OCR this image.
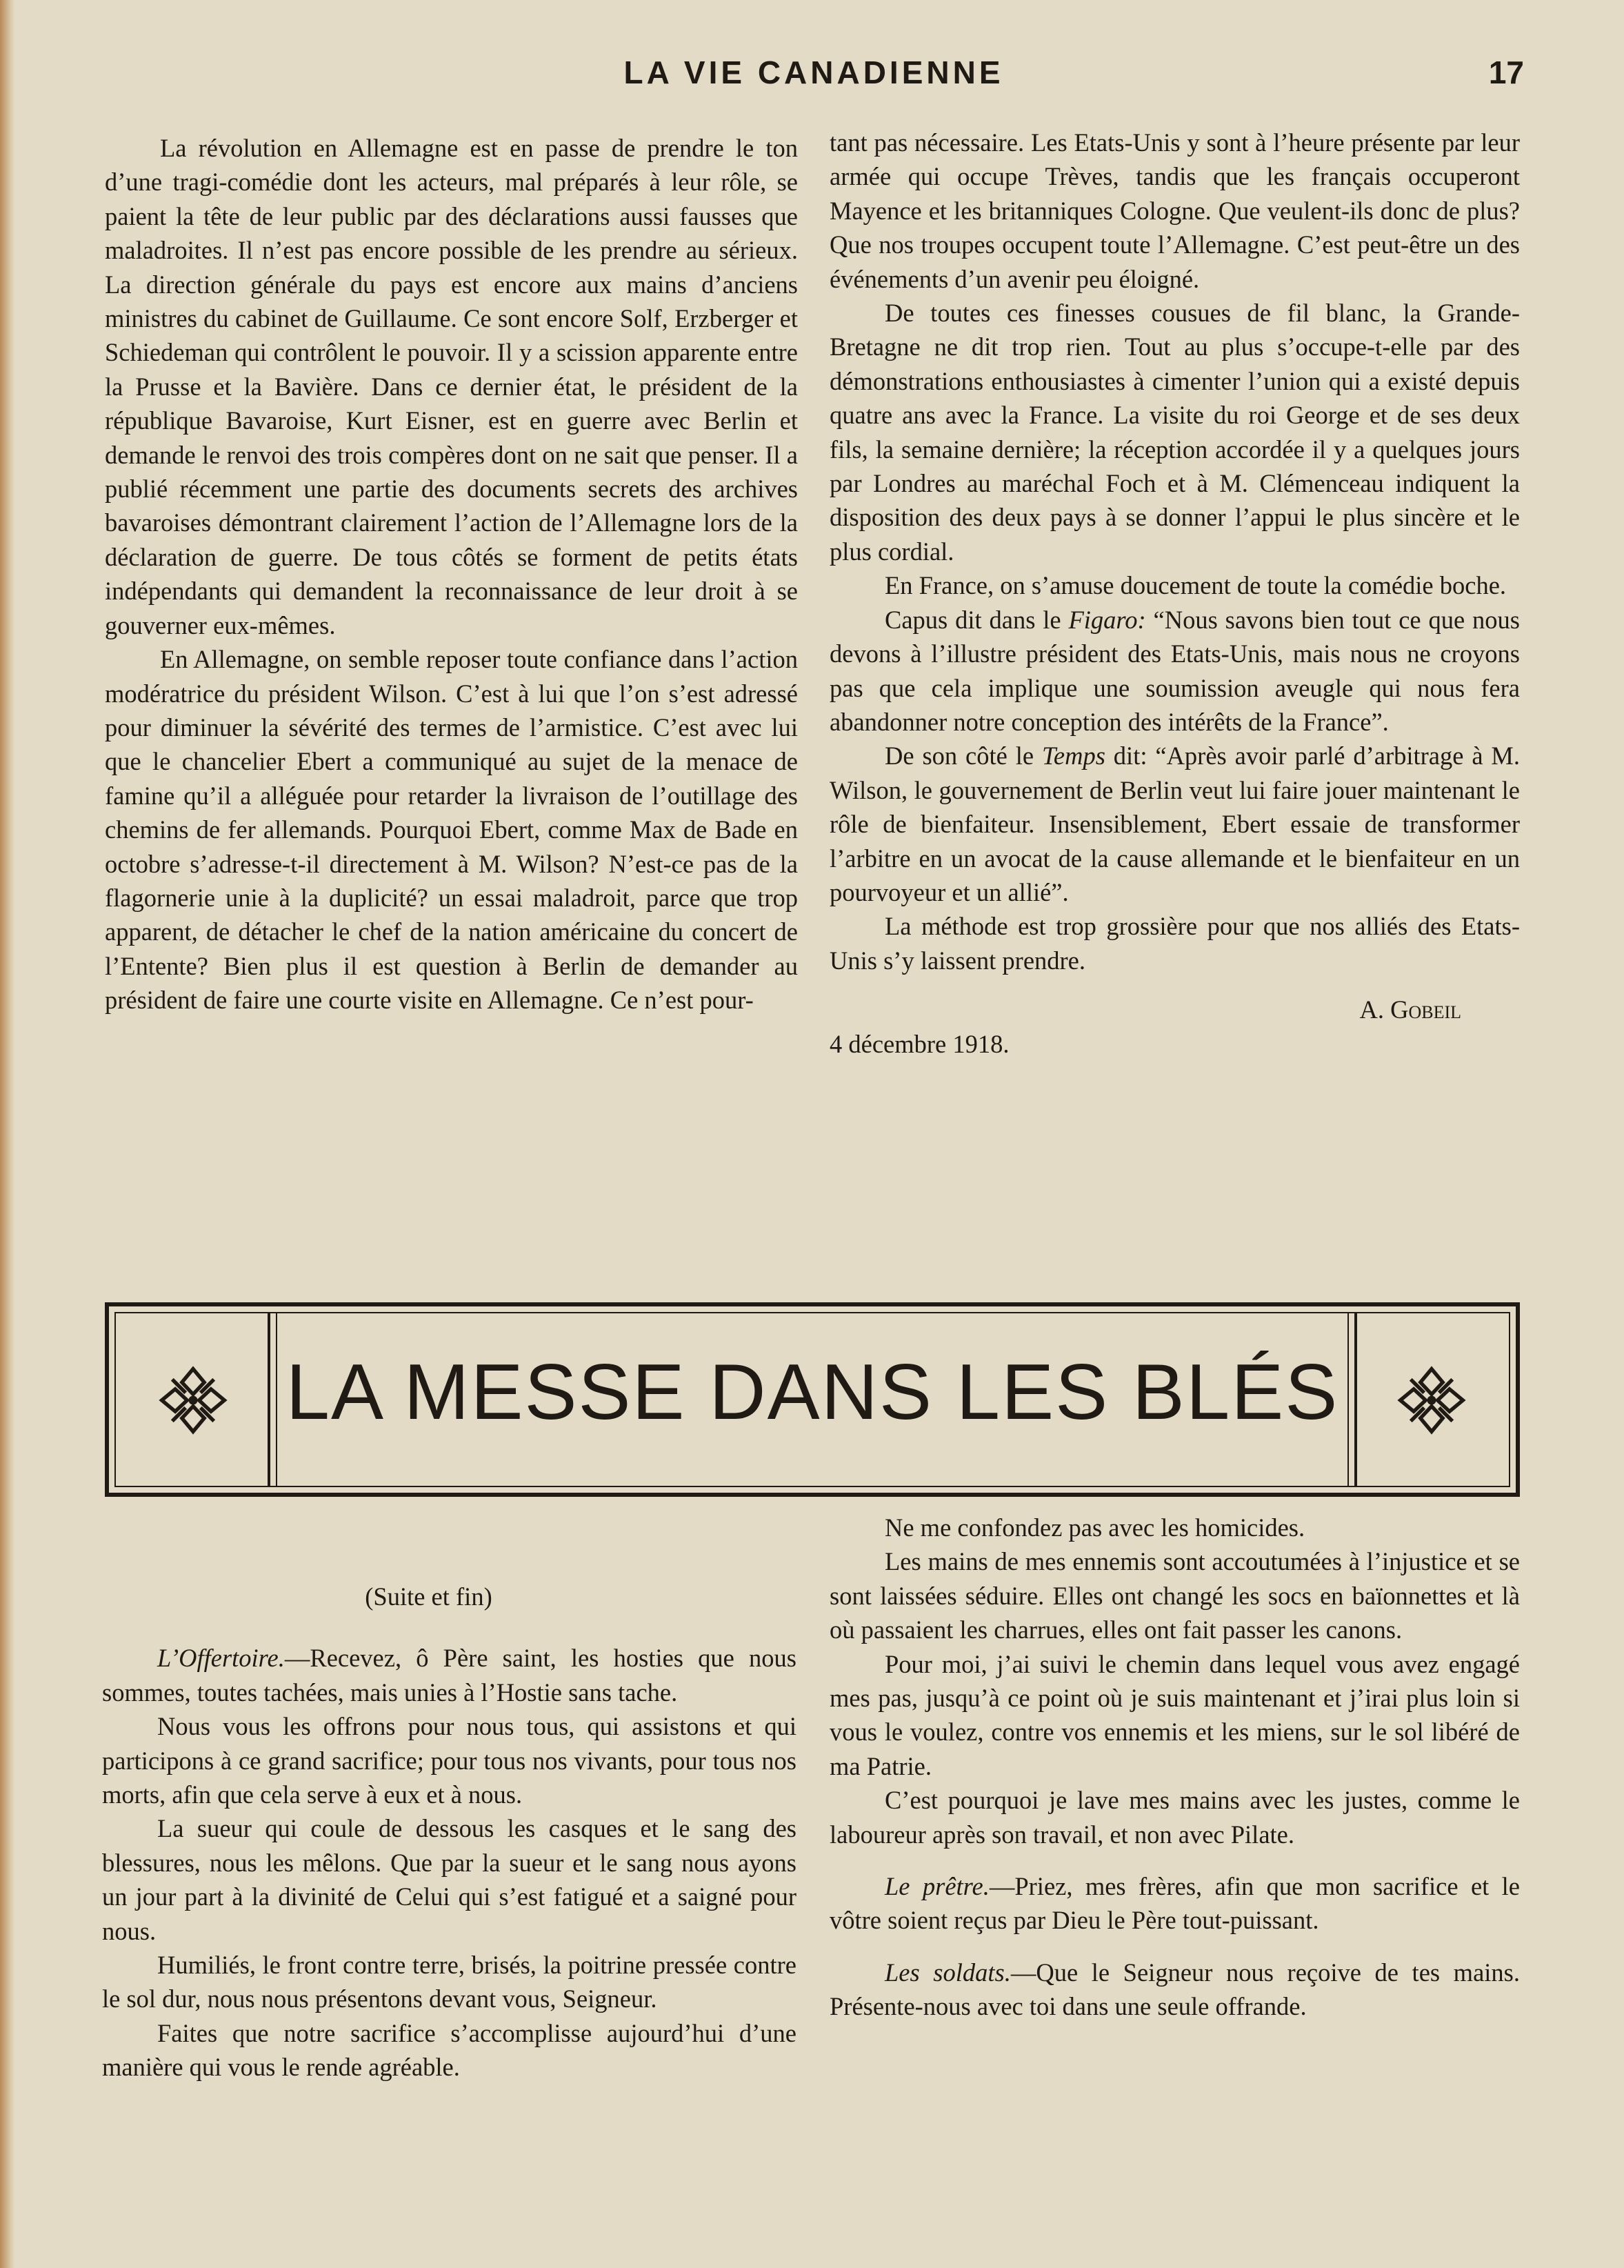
LA VIE CANADIENNE	17

La révolution en Allemagne est en passe de prendre le ton d’une tragi-comédie dont les acteurs, mal préparés à leur rôle, se paient la tête de leur public par des déclarations aussi fausses que maladroites. Il n’est pas encore possible de les prendre au sérieux. La direction générale du pays est encore aux mains d’anciens ministres du cabinet de Guillaume. Ce sont encore Solf, Erzberger et Schiedeman qui contrôlent le pouvoir. Il y a scission apparente entre la Prusse et la Bavière. Dans ce dernier état, le président de la république Bavaroise, Kurt Eisner, est en guerre avec Berlin et demande le renvoi des trois compères dont on ne sait que penser. Il a publié récemment une partie des documents secrets des archives bavaroises démontrant clairement l’action de l’Allemagne lors de la déclaration de guerre. De tous côtés se forment de petits états indépendants qui demandent la reconnaissance de leur droit à se gouverner eux-mêmes.

En Allemagne, on semble reposer toute confiance dans l’action modératrice du président Wilson. C’est à lui que l’on s’est adressé pour diminuer la sévérité des termes de l’armistice. C’est avec lui que le chancelier Ebert a communiqué au sujet de la menace de famine qu’il a alléguée pour retarder la livraison de l’outillage des chemins de fer allemands. Pourquoi Ebert, comme Max de Bade en octobre s’adresse-t-il directement à M. Wilson? N’est-ce pas de la flagornerie unie à la duplicité? un essai maladroit, parce que trop apparent, de détacher le chef de la nation américaine du concert de l’Entente? Bien plus il est question à Berlin de demander au président de faire une courte visite en Allemagne. Ce n’est pour-

tant pas nécessaire. Les Etats-Unis y sont à l’heure présente par leur armée qui occupe Trèves, tandis que les français occuperont Mayence et les britanniques Cologne. Que veulent-ils donc de plus? Que nos troupes occupent toute l’Allemagne. C’est peut-être un des événements d’un avenir peu éloigné.

De toutes ces finesses cousues de fil blanc, la Grande-Bretagne ne dit trop rien. Tout au plus s’occupe-t-elle par des démonstrations enthousiastes à cimenter l’union qui a existé depuis quatre ans avec la France. La visite du roi George et de ses deux fils, la semaine dernière; la réception accordée il y a quelques jours par Londres au maréchal Foch et à M. Clémenceau indiquent la disposition des deux pays à se donner l’appui le plus sincère et le plus cordial.

En France, on s’amuse doucement de toute la comédie boche.

Capus dit dans le Figaro: “Nous savons bien tout ce que nous devons à l’illustre président des Etats-Unis, mais nous ne croyons pas que cela implique une soumission aveugle qui nous fera abandonner notre conception des intérêts de la France”.

De son côté le Temps dit: “Après avoir parlé d’arbitrage à M. Wilson, le gouvernement de Berlin veut lui faire jouer maintenant le rôle de bienfaiteur. Insensiblement, Ebert essaie de transformer l’arbitre en un avocat de la cause allemande et le bienfaiteur en un pourvoyeur et un allié”.

La méthode est trop grossière pour que nos alliés des Etats-Unis s’y laissent prendre.

A. Gobeil
4 décembre 1918.
LA MESSE DANS LES BLÉS

(Suite et fin)

L’Offertoire.—Recevez, ô Père saint, les hosties que nous sommes, toutes tachées, mais unies à l’Hostie sans tache.

Nous vous les offrons pour nous tous, qui assistons et qui participons à ce grand sacrifice; pour tous nos vivants, pour tous nos morts, afin que cela serve à eux et à nous.

La sueur qui coule de dessous les casques et le sang des blessures, nous les mêlons. Que par la sueur et le sang nous ayons un jour part à la divinité de Celui qui s’est fatigué et a saigné pour nous.

Humiliés, le front contre terre, brisés, la poitrine pressée contre le sol dur, nous nous présentons devant vous, Seigneur.

Faites que notre sacrifice s’accomplisse aujourd’hui d’une manière qui vous le rende agréable.

Ne me confondez pas avec les homicides.

Les mains de mes ennemis sont accoutumées à l’injustice et se sont laissées séduire. Elles ont changé les socs en baïonnettes et là où passaient les charrues, elles ont fait passer les canons.

Pour moi, j’ai suivi le chemin dans lequel vous avez engagé mes pas, jusqu’à ce point où je suis maintenant et j’irai plus loin si vous le voulez, contre vos ennemis et les miens, sur le sol libéré de ma Patrie.

C’est pourquoi je lave mes mains avec les justes, comme le laboureur après son travail, et non avec Pilate.

Le prêtre.—Priez, mes frères, afin que mon sacrifice et le vôtre soient reçus par Dieu le Père tout-puissant.

Les soldats.—Que le Seigneur nous reçoive de tes mains. Présente-nous avec toi dans une seule offrande.
